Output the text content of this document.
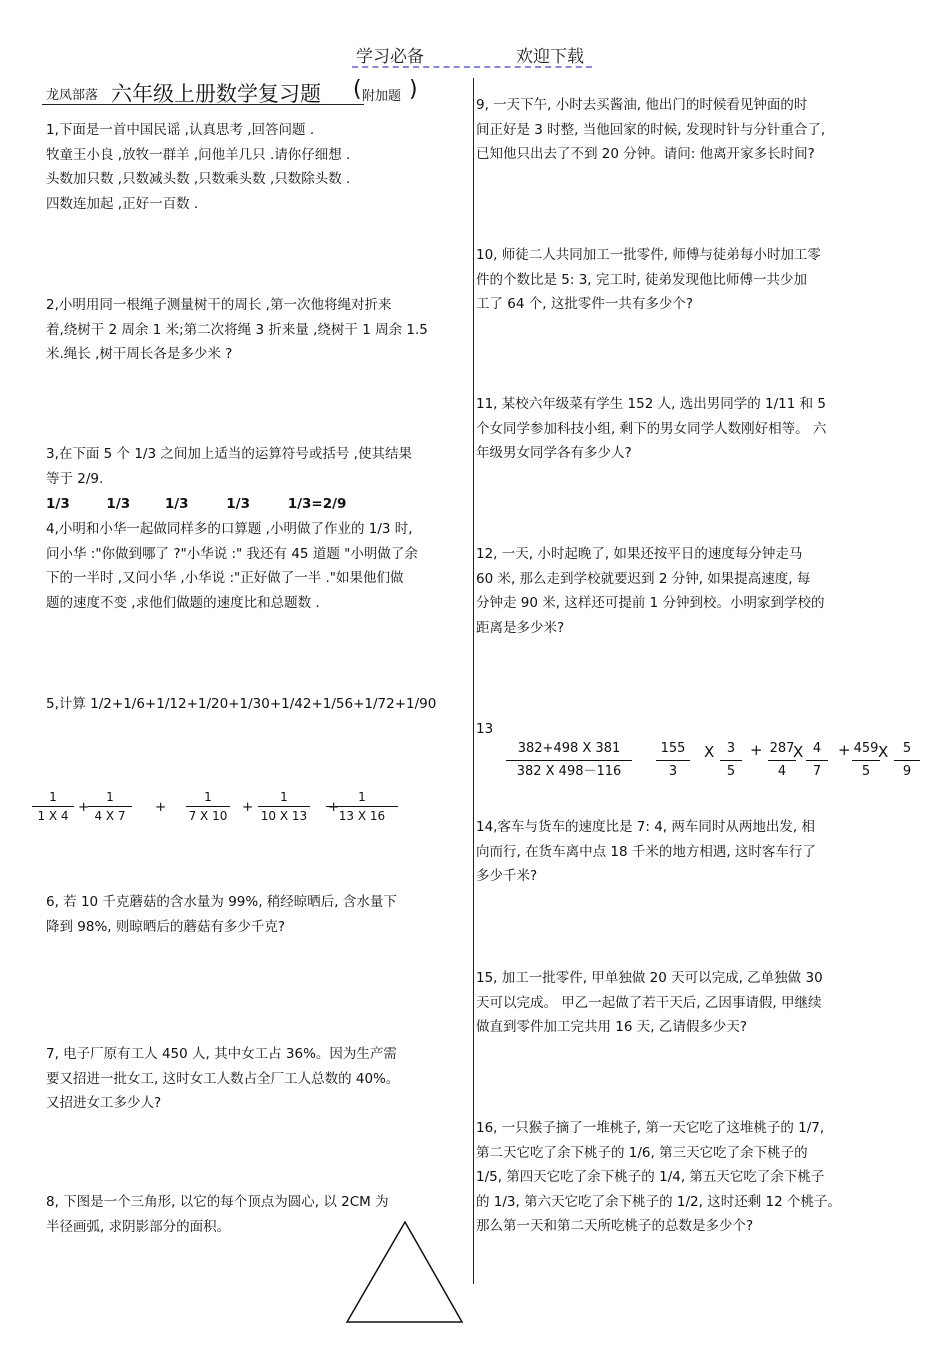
学习必备	欢迎下载
龙凤部落 六年级上册数学复习题 ( 附加题 )
1,下面是一首中国民谣 ,认真思考 ,回答问题 .
牧童王小良 ,放牧一群羊 ,问他羊几只 .请你仔细想 .
头数加只数 ,只数减头数 ,只数乘头数 ,只数除头数 .
四数连加起 ,正好一百数 .
2,小明用同一根绳子测量树干的周长 ,第一次他将绳对折来
着,绕树干 2 周余 1 米;第二次将绳 3 折来量 ,绕树干 1 周余 1.5
米.绳长 ,树干周长各是多少米 ?
3,在下面 5 个 1/3 之间加上适当的运算符号或括号 ,使其结果
等于 2/9.
1/3	1/3	1/3	1/3	1/3=2/9
4,小明和小华一起做同样多的口算题 ,小明做了作业的 1/3 时,
问小华 :"你做到哪了 ?"小华说 :" 我还有 45 道题 "小明做了余
下的一半时 ,又问小华 ,小华说 :"正好做了一半 ."如果他们做
题的速度不变 ,求他们做题的速度比和总题数 .
5,计算 1/2+1/6+1/12+1/20+1/30+1/42+1/56+1/72+1/90
1
1 X 4
+
1
4 X 7
+
1
7 X 10
+
1
10 X 13
+
1
13 X 16
6, 若 10 千克蘑菇的含水量为 99%, 稍经晾晒后, 含水量下
降到 98%, 则晾晒后的蘑菇有多少千克?
7, 电子厂原有工人 450 人, 其中女工占 36%。因为生产需
要又招进一批女工, 这时女工人数占全厂工人总数的 40%。
又招进女工多少人?
8, 下图是一个三角形, 以它的每个顶点为圆心, 以 2CM 为
半径画弧, 求阴影部分的面积。
9, 一天下午, 小时去买酱油, 他出门的时候看见钟面的时
间正好是 3 时整, 当他回家的时候, 发现时针与分针重合了,
已知他只出去了不到 20 分钟。请问: 他离开家多长时间?
10, 师徒二人共同加工一批零件, 师傅与徒弟每小时加工零
件的个数比是 5: 3, 完工时, 徒弟发现他比师傅一共少加
工了 64 个, 这批零件一共有多少个?
11, 某校六年级菜有学生 152 人, 选出男同学的 1/11 和 5
个女同学参加科技小组, 剩下的男女同学人数刚好相等。 六
年级男女同学各有多少人?
12, 一天, 小时起晚了, 如果还按平日的速度每分钟走马
60 米, 那么走到学校就要迟到 2 分钟, 如果提高速度, 每
分钟走 90 米, 这样还可提前 1 分钟到校。小明家到学校的
距离是多少米?
13
382+498 X 381
382 X 498－116
155
3
X 3
5
+ 287
4
X 4
7
+ 459
5
X	5
9
14,客车与货车的速度比是 7: 4, 两车同时从两地出发, 相
向而行, 在货车离中点 18 千米的地方相遇, 这时客车行了
多少千米?
15, 加工一批零件, 甲单独做 20 天可以完成, 乙单独做 30
天可以完成。 甲乙一起做了若干天后, 乙因事请假, 甲继续
做直到零件加工完共用 16 天, 乙请假多少天?
16, 一只猴子摘了一堆桃子, 第一天它吃了这堆桃子的 1/7,
第二天它吃了余下桃子的 1/6, 第三天它吃了余下桃子的
1/5, 第四天它吃了余下桃子的 1/4, 第五天它吃了余下桃子
的 1/3, 第六天它吃了余下桃子的 1/2, 这时还剩 12 个桃子。
那么第一天和第二天所吃桃子的总数是多少个?
